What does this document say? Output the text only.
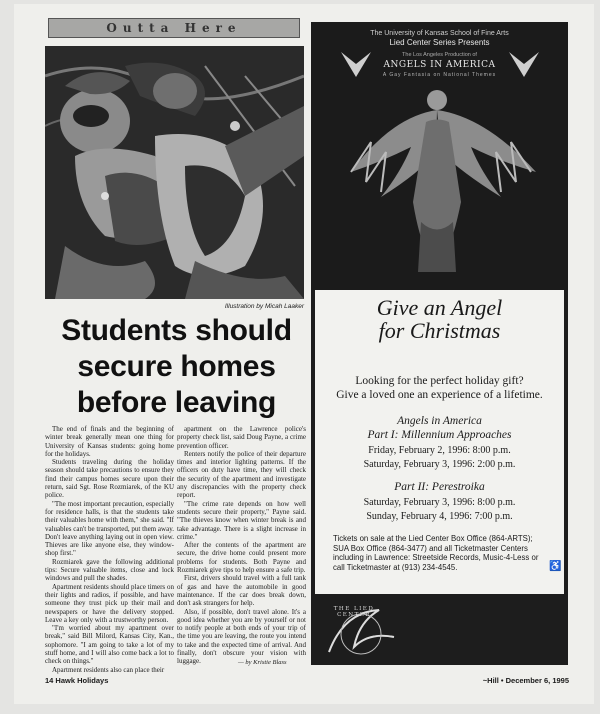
Outta Here
Illustration by Micah Laaker
Students should
secure homes
before leaving

The end of finals and the beginning of winter break generally mean one thing for University of Kansas students: going home for the holidays.

Students traveling during the holiday season should take precautions to ensure they find their campus homes secure upon their return, said Sgt. Rose Rozmiarek, of the KU police.

"The most important precaution, especially for residence halls, is that the students take their valuables home with them," she said. "If valuables can't be transported, put them away. Don't leave anything laying out in open view. Thieves are like anyone else, they window-shop first."

Rozmiarek gave the following additional tips: Secure valuable items, close and lock windows and pull the shades.

Apartment residents should place timers on their lights and radios, if possible, and have someone they trust pick up their mail and newspapers or have the delivery stopped. Leave a key only with a trustworthy person.

"I'm worried about my apartment over break," said Bill Milord, Kansas City, Kan., sophomore. "I am going to take a lot of my stuff home, and I will also come back a lot to check on things."

Apartment residents also can place their

apartment on the Lawrence police's property check list, said Doug Payne, a crime prevention officer.

Renters notify the police of their departure times and interior lighting patterns. If the officers on duty have time, they will check the security of the apartment and investigate any discrepancies with the property check report.

"The crime rate depends on how well students secure their property," Payne said. "The thieves know when winter break is and take advantage. There is a slight increase in crime."

After the contents of the apartment are secure, the drive home could present more problems for students. Both Payne and Rozmiarek give tips to help ensure a safe trip.

First, drivers should travel with a full tank of gas and have the automobile in good maintenance. If the car does break down, don't ask strangers for help.

Also, if possible, don't travel alone. It's a good idea whether you are by yourself or not to notify people at both ends of your trip of the time you are leaving, the route you intend to take and the expected time of arrival. And finally, don't obscure your vision with luggage.	— by Kristie Blass
14 Hawk Holidays	~Hill • December 6, 1995
The University of Kansas School of Fine Arts
Lied Center Series Presents
The Los Angeles Production of
ANGELS IN AMERICA
A Gay Fantasia on National Themes
Give an Angel
for Christmas
Looking for the perfect holiday gift?
Give a loved one an experience of a lifetime.
Angels in America
Part I: Millennium Approaches
Friday, February 2, 1996: 8:00 p.m.
Saturday, February 3, 1996: 2:00 p.m.
Part II: Perestroika
Saturday, February 3, 1996: 8:00 p.m.
Sunday, February 4, 1996: 7:00 p.m.
Tickets on sale at the Lied Center Box Office (864-ARTS); SUA Box Office (864-3477) and all Ticketmaster Centers including in Lawrence: Streetside Records, Music-4-Less or call Ticketmaster at (913) 234-4545.	♿
THE LIED CENTER
